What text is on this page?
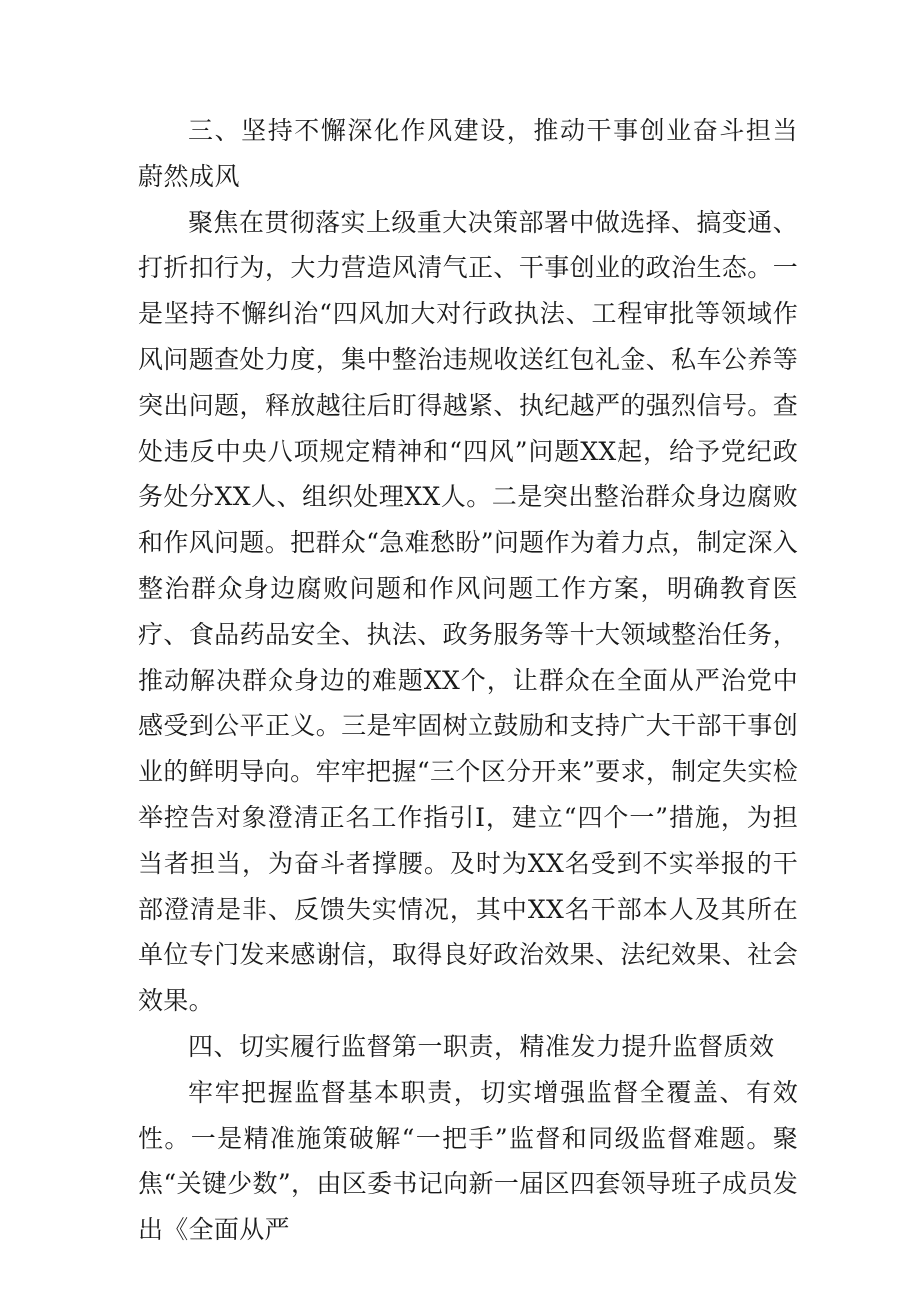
三、坚持不懈深化作风建设，推动干事创业奋斗担当蔚然成风

聚焦在贯彻落实上级重大决策部署中做选择、搞变通、打折扣行为，大力营造风清气正、干事创业的政治生态。一是坚持不懈纠治“四风加大对行政执法、工程审批等领域作风问题查处力度，集中整治违规收送红包礼金、私车公养等突出问题，释放越往后盯得越紧、执纪越严的强烈信号。查处违反中央八项规定精神和“四风”问题XX起，给予党纪政务处分XX人、组织处理XX人。二是突出整治群众身边腐败和作风问题。把群众“急难愁盼”问题作为着力点，制定深入整治群众身边腐败问题和作风问题工作方案，明确教育医疗、食品药品安全、执法、政务服务等十大领域整治任务，推动解决群众身边的难题XX个，让群众在全面从严治党中感受到公平正义。三是牢固树立鼓励和支持广大干部干事创业的鲜明导向。牢牢把握“三个区分开来”要求，制定失实检举控告对象澄清正名工作指引I，建立“四个一”措施，为担当者担当，为奋斗者撑腰。及时为XX名受到不实举报的干部澄清是非、反馈失实情况，其中XX名干部本人及其所在单位专门发来感谢信，取得良好政治效果、法纪效果、社会效果。

四、切实履行监督第一职责，精准发力提升监督质效

牢牢把握监督基本职责，切实增强监督全覆盖、有效性。一是精准施策破解“一把手”监督和同级监督难题。聚焦“关键少数”，由区委书记向新一届区四套领导班子成员发出《全面从严
